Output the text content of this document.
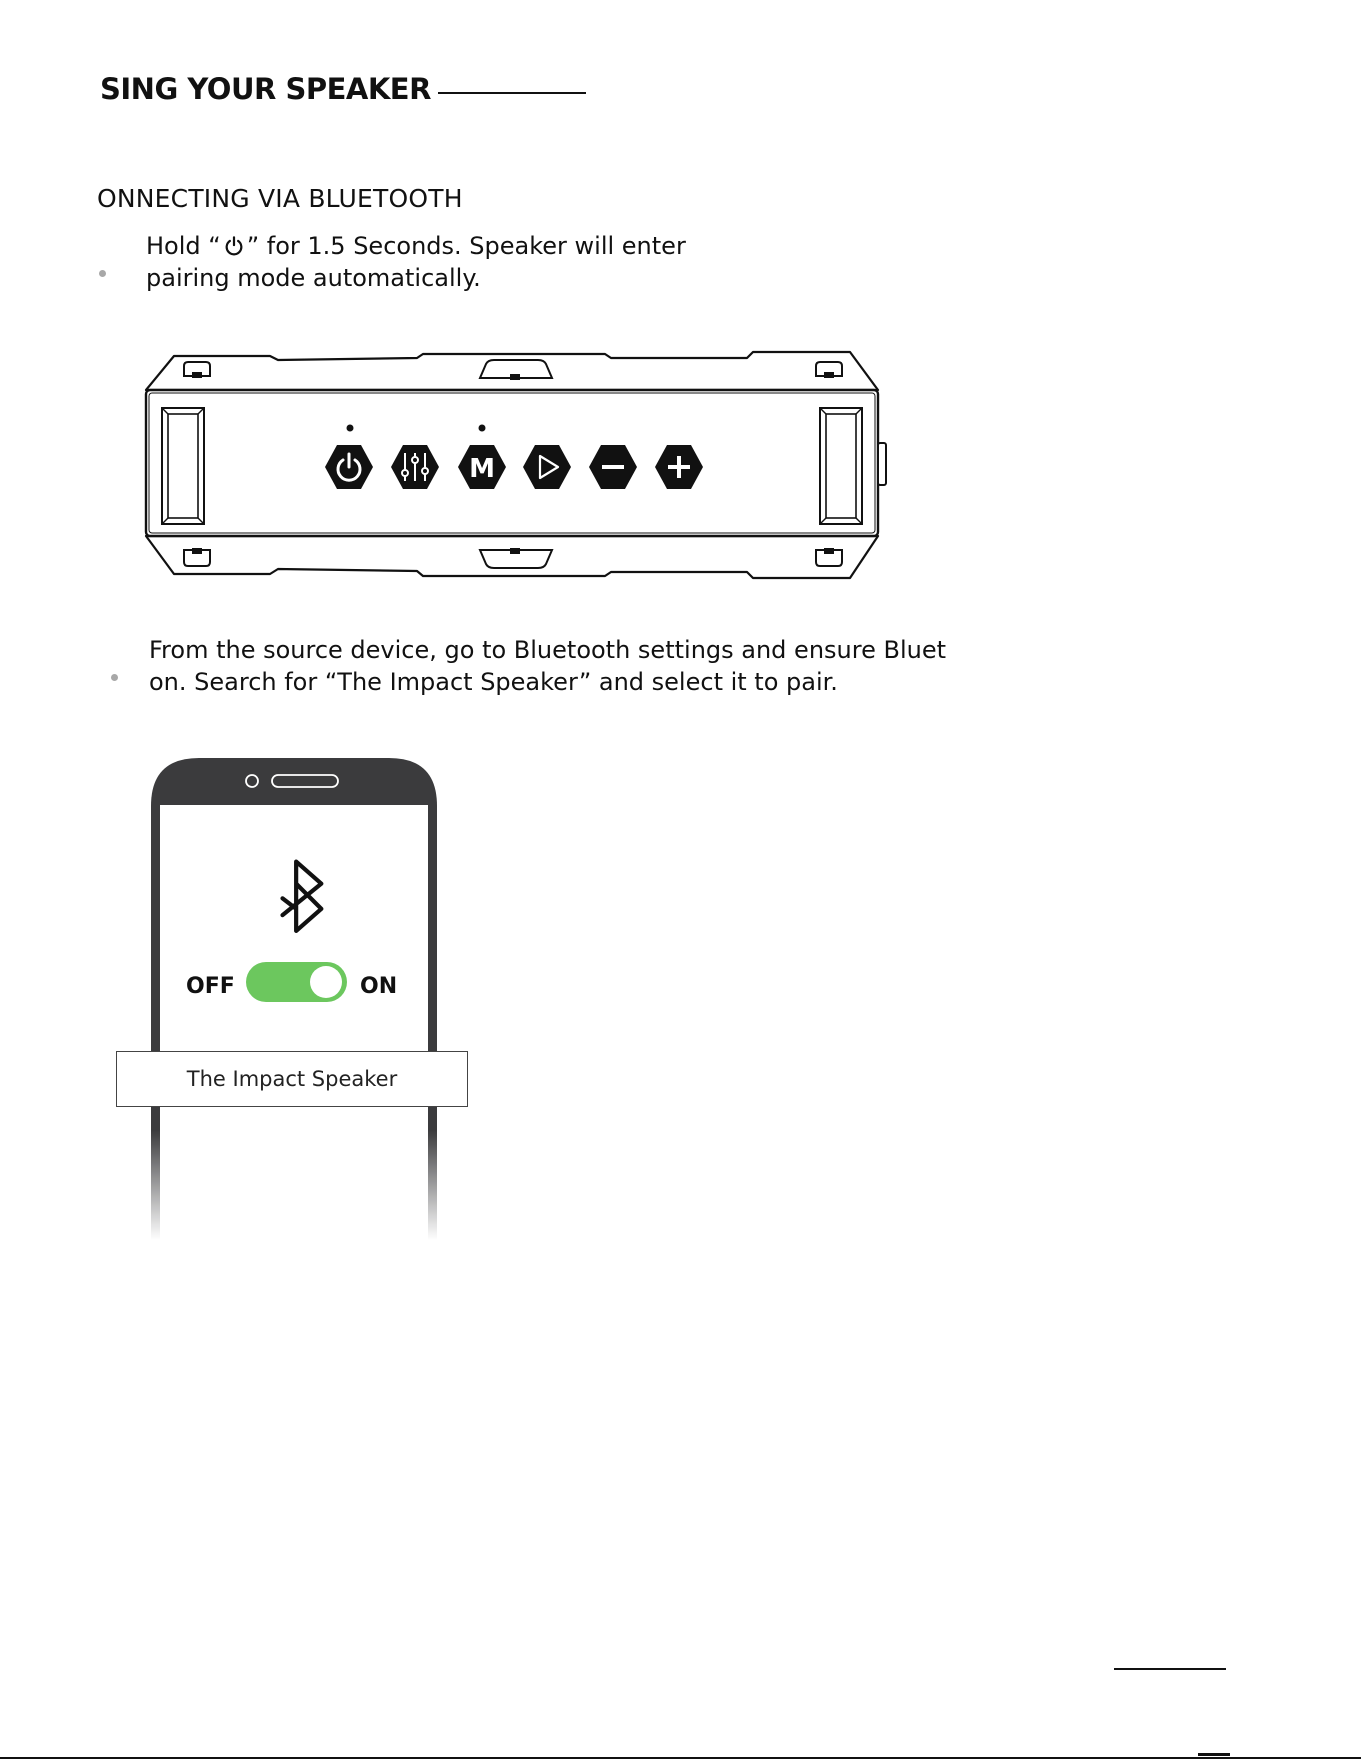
SING YOUR SPEAKER
ONNECTING VIA BLUETOOTH
Hold “ ” for 1.5 Seconds. Speaker will enter
pairing mode automatically.
M
From the source device, go to Bluetooth settings and ensure Bluet
on. Search for “The Impact Speaker” and select it to pair.
OFF	ON
The Impact Speaker
